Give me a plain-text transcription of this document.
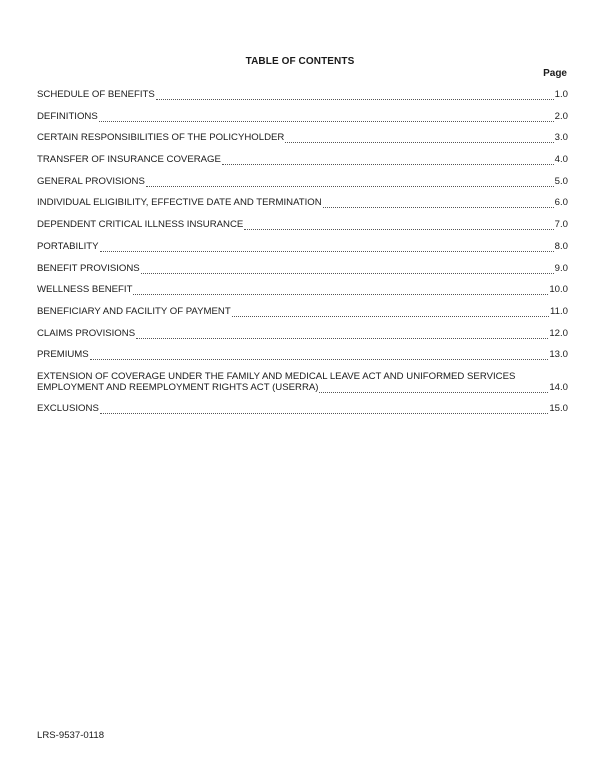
TABLE OF CONTENTS
Page
SCHEDULE OF BENEFITS	1.0
DEFINITIONS	2.0
CERTAIN RESPONSIBILITIES OF THE POLICYHOLDER	3.0
TRANSFER OF INSURANCE COVERAGE	4.0
GENERAL PROVISIONS	5.0
INDIVIDUAL ELIGIBILITY, EFFECTIVE DATE AND TERMINATION	6.0
DEPENDENT CRITICAL ILLNESS INSURANCE	7.0
PORTABILITY	8.0
BENEFIT PROVISIONS	9.0
WELLNESS BENEFIT	10.0
BENEFICIARY AND FACILITY OF PAYMENT	11.0
CLAIMS PROVISIONS	12.0
PREMIUMS	13.0
EXTENSION OF COVERAGE UNDER THE FAMILY AND MEDICAL LEAVE ACT AND UNIFORMED SERVICES
EMPLOYMENT AND REEMPLOYMENT RIGHTS ACT (USERRA)	14.0
EXCLUSIONS	15.0
LRS-9537-0118
